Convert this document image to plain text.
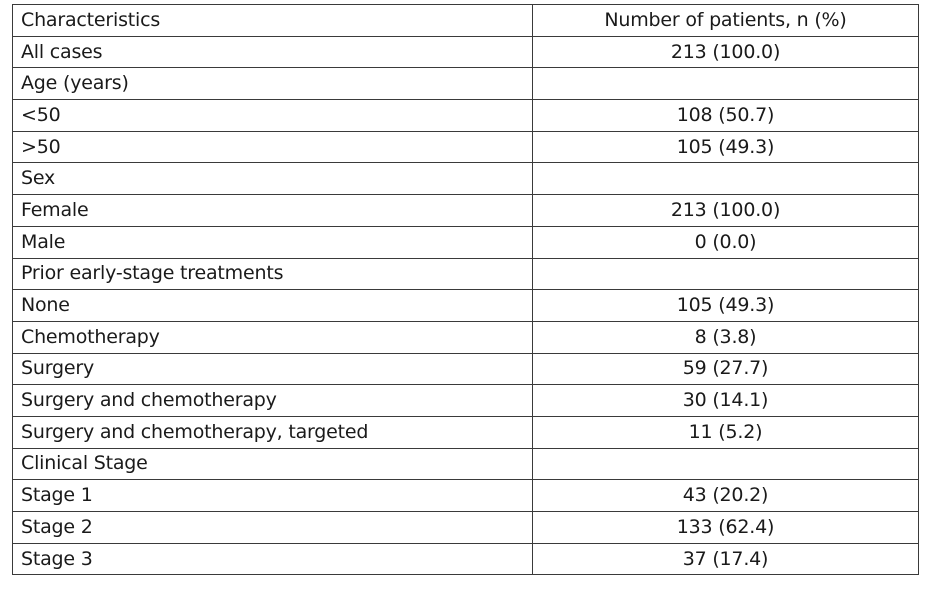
Characteristics	Number of patients, n (%)
All cases	213 (100.0)
Age (years)	
<50	108 (50.7)
>50	105 (49.3)
Sex	
Female	213 (100.0)
Male	0 (0.0)
Prior early-stage treatments	
None	105 (49.3)
Chemotherapy	8 (3.8)
Surgery	59 (27.7)
Surgery and chemotherapy	30 (14.1)
Surgery and chemotherapy, targeted	11 (5.2)
Clinical Stage	
Stage 1	43 (20.2)
Stage 2	133 (62.4)
Stage 3	37 (17.4)
